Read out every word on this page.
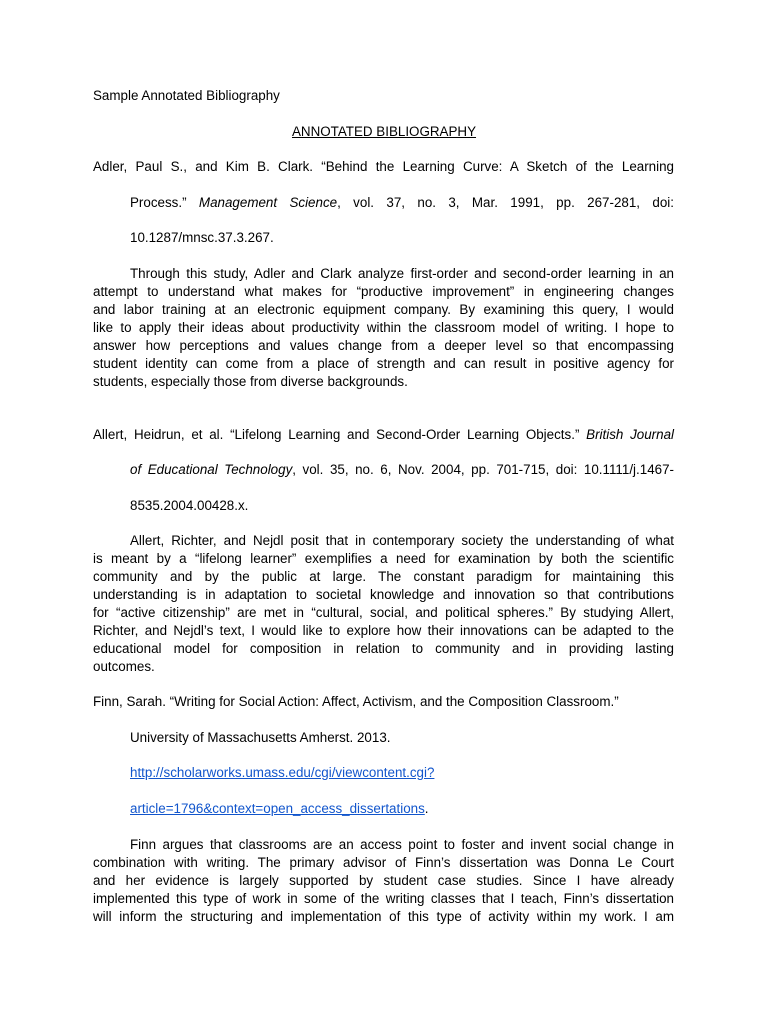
Sample Annotated Bibliography
ANNOTATED BIBLIOGRAPHY
Adler, Paul S., and Kim B. Clark. “Behind the Learning Curve: A Sketch of the Learning
Process.” Management Science, vol. 37, no. 3, Mar. 1991, pp. 267-281, doi:
10.1287/mnsc.37.3.267.
Through this study, Adler and Clark analyze first-order and second-order learning in an
attempt to understand what makes for “productive improvement” in engineering changes
and labor training at an electronic equipment company. By examining this query, I would
like to apply their ideas about productivity within the classroom model of writing. I hope to
answer how perceptions and values change from a deeper level so that encompassing
student identity can come from a place of strength and can result in positive agency for
students, especially those from diverse backgrounds.
Allert, Heidrun, et al. “Lifelong Learning and Second-Order Learning Objects.” British Journal
of Educational Technology, vol. 35, no. 6, Nov. 2004, pp. 701-715, doi: 10.1111/j.1467-
8535.2004.00428.x.
Allert, Richter, and Nejdl posit that in contemporary society the understanding of what
is meant by a “lifelong learner” exemplifies a need for examination by both the scientific
community and by the public at large. The constant paradigm for maintaining this
understanding is in adaptation to societal knowledge and innovation so that contributions
for “active citizenship” are met in “cultural, social, and political spheres.” By studying Allert,
Richter, and Nejdl’s text, I would like to explore how their innovations can be adapted to the
educational model for composition in relation to community and in providing lasting
outcomes.
Finn, Sarah. “Writing for Social Action: Affect, Activism, and the Composition Classroom.”
University of Massachusetts Amherst. 2013.
http://scholarworks.umass.edu/cgi/viewcontent.cgi?
article=1796&context=open_access_dissertations.
Finn argues that classrooms are an access point to foster and invent social change in
combination with writing. The primary advisor of Finn’s dissertation was Donna Le Court
and her evidence is largely supported by student case studies. Since I have already
implemented this type of work in some of the writing classes that I teach, Finn’s dissertation
will inform the structuring and implementation of this type of activity within my work. I am
